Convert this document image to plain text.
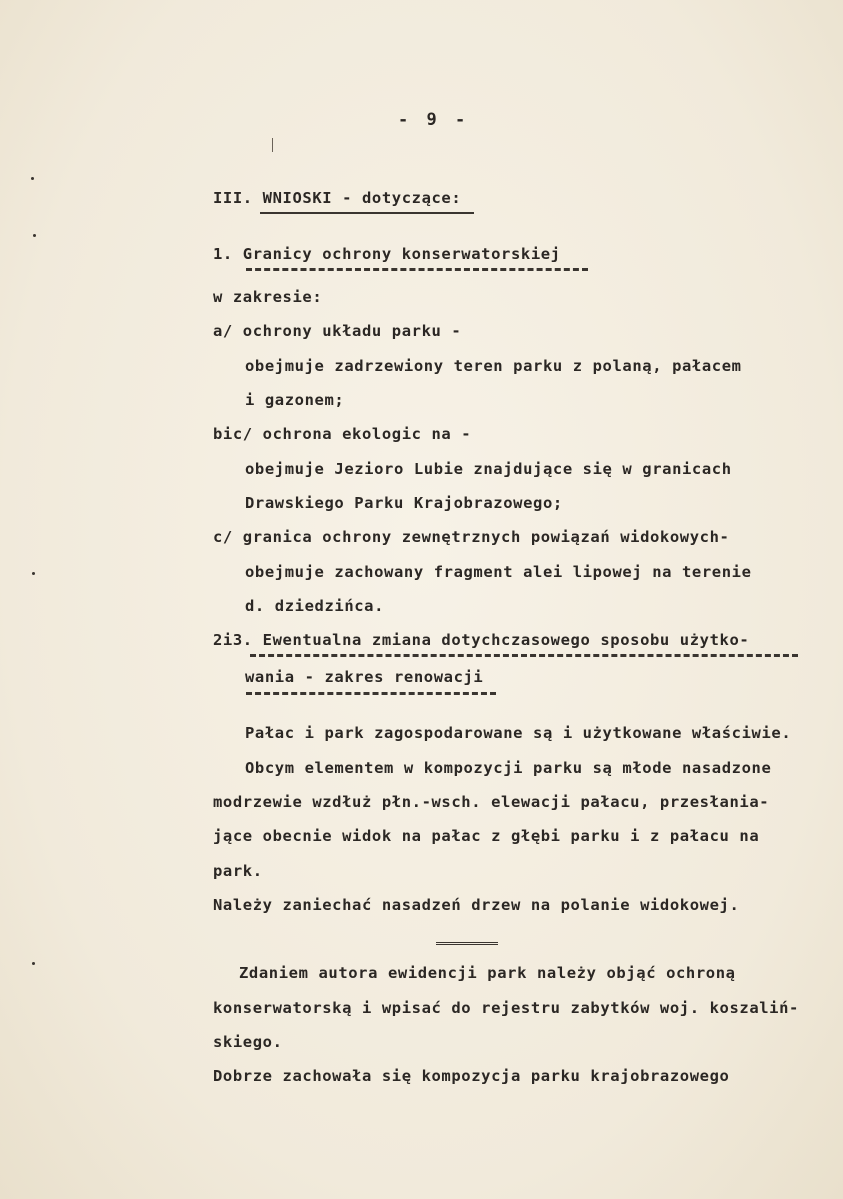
- 9 -
III. WNIOSKI - dotyczące:
1. Granicy ochrony konserwatorskiej
w zakresie:
a/ ochrony układu parku -
obejmuje zadrzewiony teren parku z polaną, pałacem
i gazonem;
bic/ ochrona ekologic na -
obejmuje Jezioro Lubie znajdujące się w granicach
Drawskiego Parku Krajobrazowego;
c/ granica ochrony zewnętrznych powiązań widokowych-
obejmuje zachowany fragment alei lipowej na terenie
d. dziedzińca.
2i3. Ewentualna zmiana dotychczasowego sposobu użytko-
wania - zakres renowacji
Pałac i park zagospodarowane są i użytkowane właściwie.
Obcym elementem w kompozycji parku są młode nasadzone
modrzewie wzdłuż płn.-wsch. elewacji pałacu, przesłania-
jące obecnie widok na pałac z głębi parku i z pałacu na
park.
Należy zaniechać nasadzeń drzew na polanie widokowej.
Zdaniem autora ewidencji park należy objąć ochroną
konserwatorską i wpisać do rejestru zabytków woj. koszaliń-
skiego.
Dobrze zachowała się kompozycja parku krajobrazowego
